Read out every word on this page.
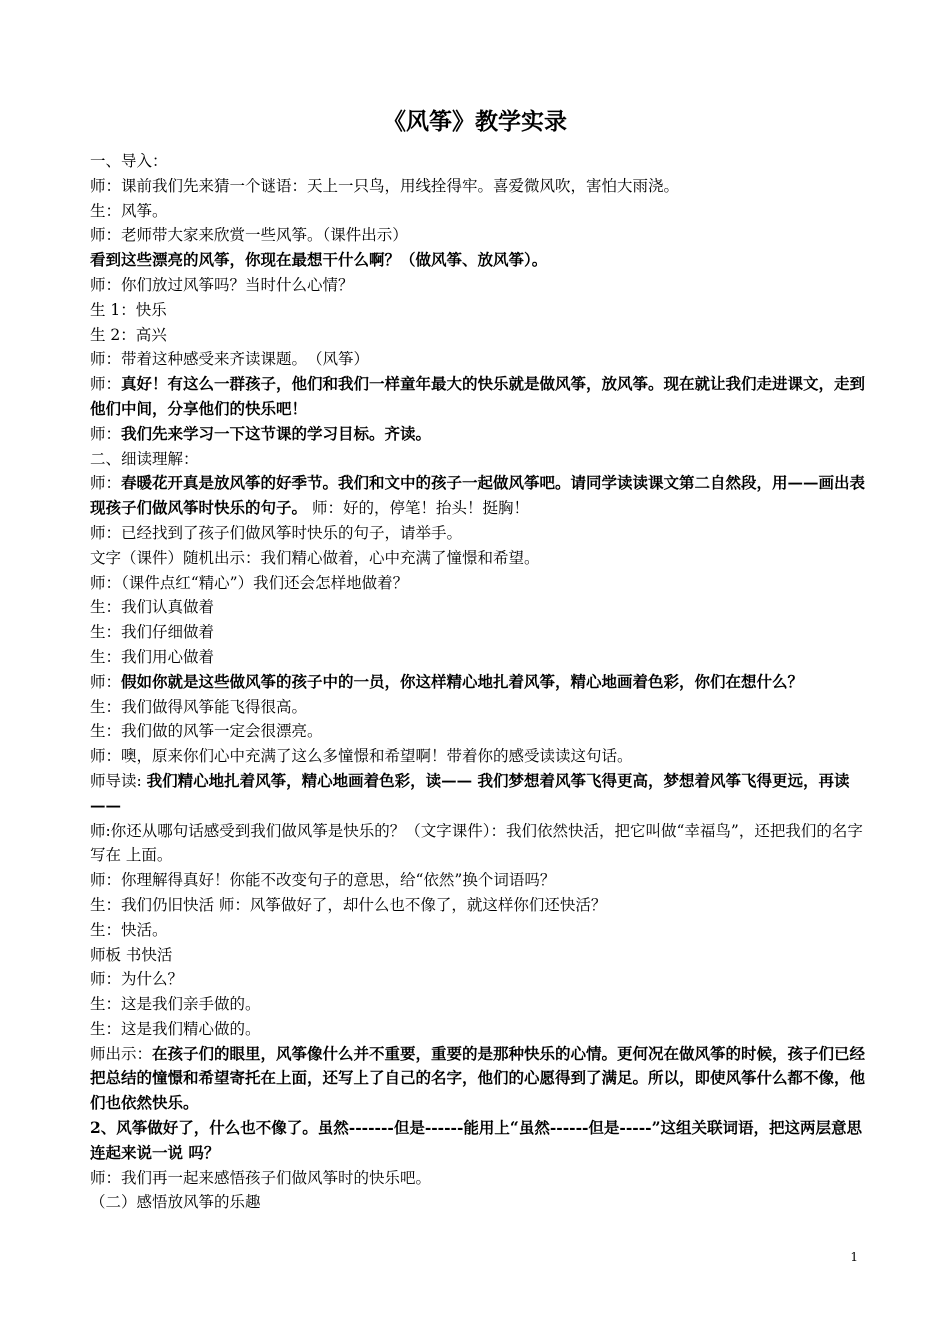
《风筝》教学实录
一、导入：
师：课前我们先来猜一个谜语：天上一只鸟，用线拴得牢。喜爱微风吹，害怕大雨浇。
生：风筝。
师：老师带大家来欣赏一些风筝。（课件出示）
看到这些漂亮的风筝，你现在最想干什么啊？（做风筝、放风筝）。
师：你们放过风筝吗？当时什么心情？
生 1：快乐
生 2：高兴
师：带着这种感受来齐读课题。　（风筝）
师：真好！有这么一群孩子，他们和我们一样童年最大的快乐就是做风筝，放风筝。现在就让我们走进课文，走到他们中间，分享他们的快乐吧！
师：我们先来学习一下这节课的学习目标。齐读。
二、细读理解：
师：春暖花开真是放风筝的好季节。我们和文中的孩子一起做风筝吧。请同学读读课文第二自然段，用——画出表现孩子们做风筝时快乐的句子。 师：好的，停笔！抬头！挺胸！
师：已经找到了孩子们做风筝时快乐的句子，请举手。
文字（课件）随机出示：我们精心做着，心中充满了憧憬和希望。
师：（课件点红“精心”）我们还会怎样地做着？
生：我们认真做着
生：我们仔细做着
生：我们用心做着
师：假如你就是这些做风筝的孩子中的一员，你这样精心地扎着风筝，精心地画着色彩，你们在想什么？
生：我们做得风筝能飞得很高。
生：我们做的风筝一定会很漂亮。
师：噢，原来你们心中充满了这么多憧憬和希望啊！带着你的感受读读这句话。
师导读: 我们精心地扎着风筝，精心地画着色彩，读—— 我们梦想着风筝飞得更高，梦想着风筝飞得更远，再读——
师:你还从哪句话感受到我们做风筝是快乐的？（文字课件）：我们依然快活，把它叫做“幸福鸟”，还把我们的名字写在 上面。
师：你理解得真好！你能不改变句子的意思，给“依然”换个词语吗？
生：我们仍旧快活 师：风筝做好了，却什么也不像了，就这样你们还快活？
生：快活。
师板 书快活
师：为什么？
生：这是我们亲手做的。
生：这是我们精心做的。
师出示：在孩子们的眼里，风筝像什么并不重要，重要的是那种快乐的心情。更何况在做风筝的时候，孩子们已经把总结的憧憬和希望寄托在上面，还写上了自己的名字，他们的心愿得到了满足。所以，即使风筝什么都不像，他们也依然快乐。
2、风筝做好了，什么也不像了。虽然-------但是------能用上“虽然------但是-----”这组关联词语，把这两层意思连起来说一说 吗？
师：我们再一起来感悟孩子们做风筝时的快乐吧。
（二）感悟放风筝的乐趣
1
